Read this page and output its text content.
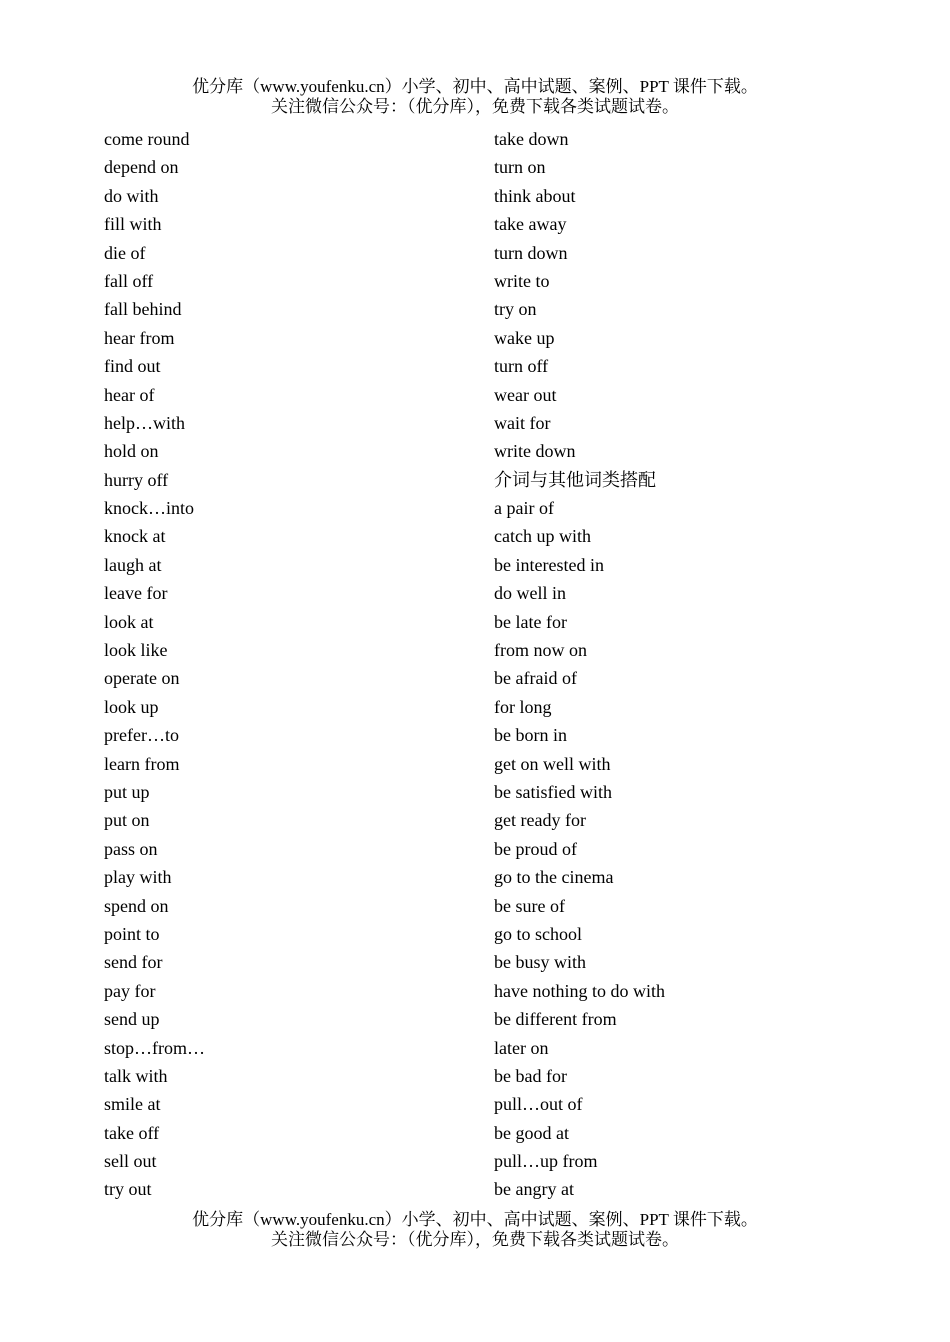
优分库（www.youfenku.cn）小学、初中、高中试题、案例、PPT 课件下载。
关注微信公众号：（优分库），免费下载各类试题试卷。
come round
depend on
do with
fill with
die of
fall off
fall behind
hear from
find out
hear of
help…with
hold on
hurry off
knock…into
knock at
laugh at
leave for
look at
look like
operate on
look up
prefer…to
learn from
put up
put on
pass on
play with
spend on
point to
send for
pay for
send up
stop…from…
talk with
smile at
take off
sell out
try out
take down
turn on
think about
take away
turn down
write to
try on
wake up
turn off
wear out
wait for
write down
介词与其他词类搭配
a pair of
catch up with
be interested in
do well in
be late for
from now on
be afraid of
for long
be born in
get on well with
be satisfied with
get ready for
be proud of
go to the cinema
be sure of
go to school
be busy with
have nothing to do with
be different from
later on
be bad for
pull…out of
be good at
pull…up from
be angry at
优分库（www.youfenku.cn）小学、初中、高中试题、案例、PPT 课件下载。
关注微信公众号：（优分库），免费下载各类试题试卷。
